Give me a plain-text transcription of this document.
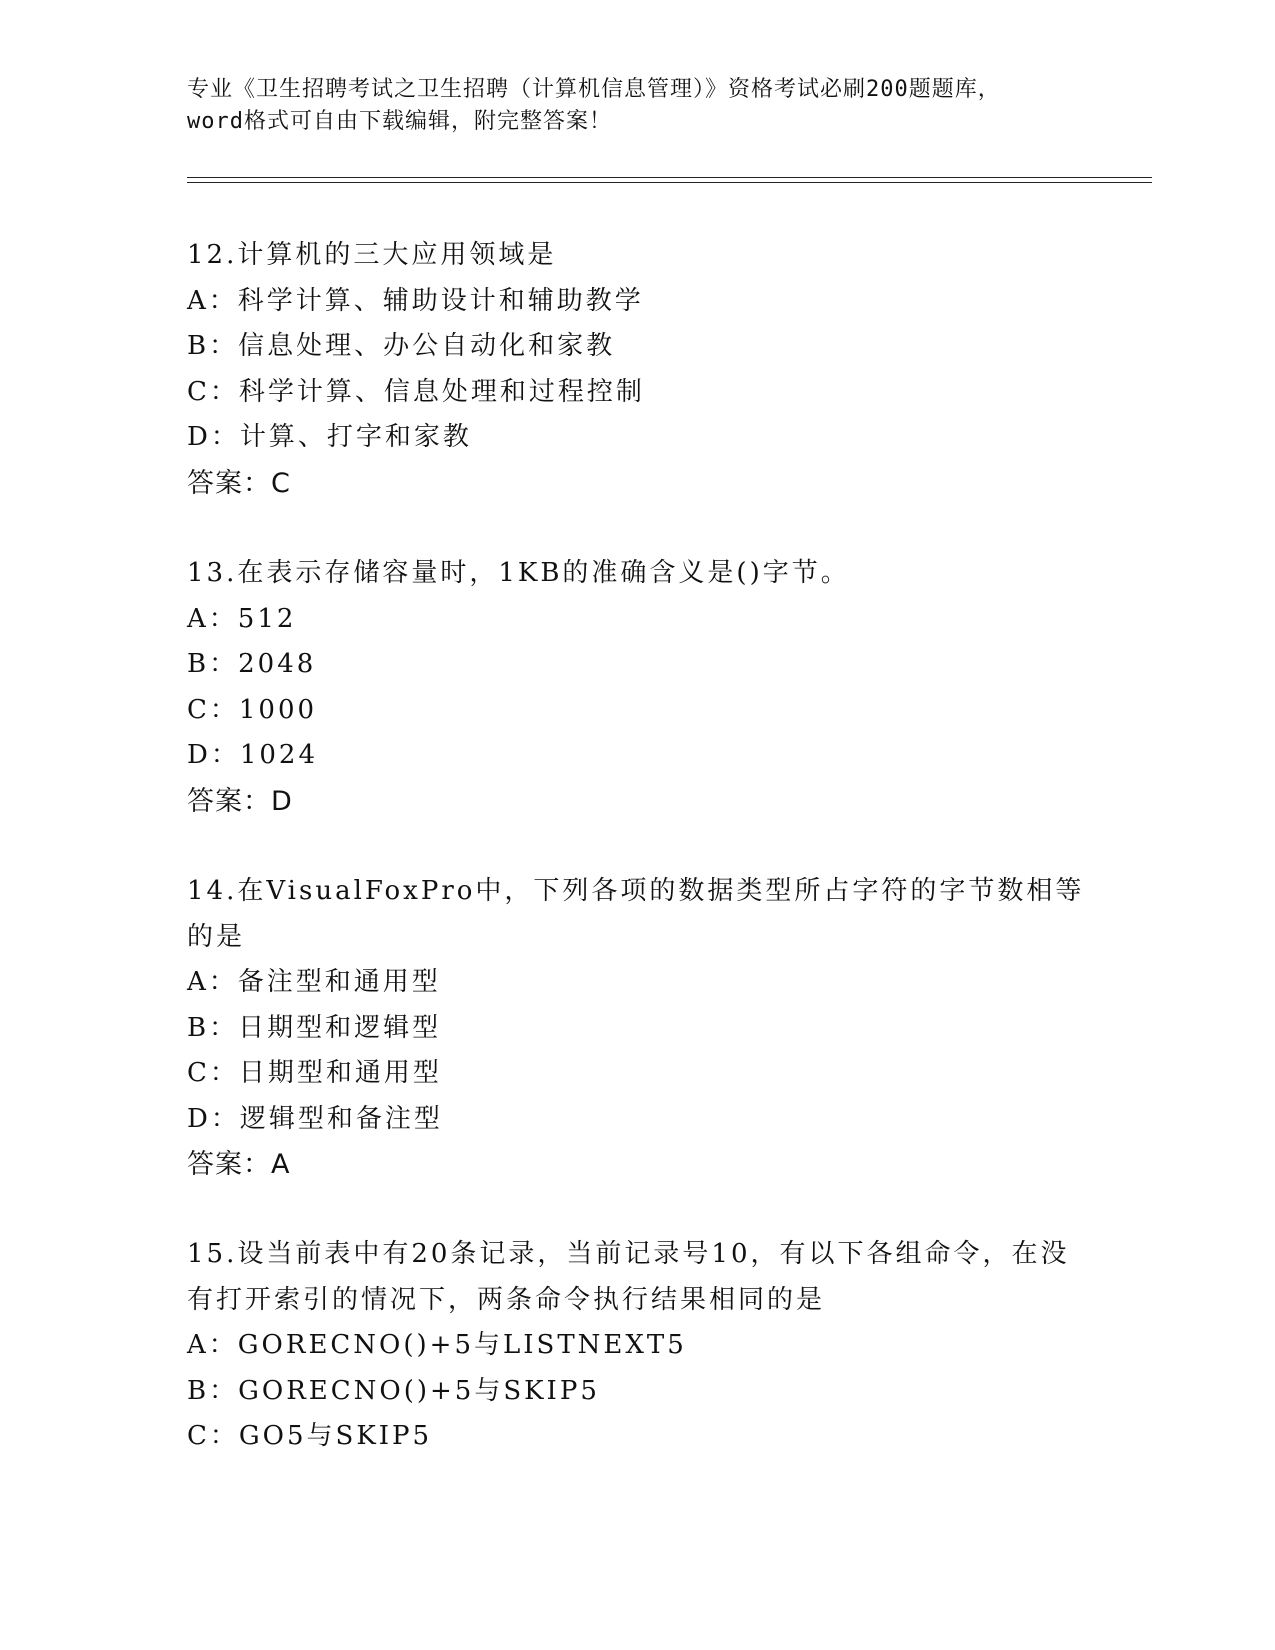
专业《卫生招聘考试之卫生招聘（计算机信息管理）》资格考试必刷200题题库，
word格式可自由下载编辑，附完整答案！
12.计算机的三大应用领域是
A：科学计算、辅助设计和辅助教学
B：信息处理、办公自动化和家教
C：科学计算、信息处理和过程控制
D：计算、打字和家教
答案：C
13.在表示存储容量时，1KB的准确含义是()字节。
A：512
B：2048
C：1000
D：1024
答案：D
14.在VisualFoxPro中，下列各项的数据类型所占字符的字节数相等
的是
A：备注型和通用型
B：日期型和逻辑型
C：日期型和通用型
D：逻辑型和备注型
答案：A
15.设当前表中有20条记录，当前记录号10，有以下各组命令，在没
有打开索引的情况下，两条命令执行结果相同的是
A：GORECNO()+5与LISTNEXT5
B：GORECNO()+5与SKIP5
C：GO5与SKIP5
